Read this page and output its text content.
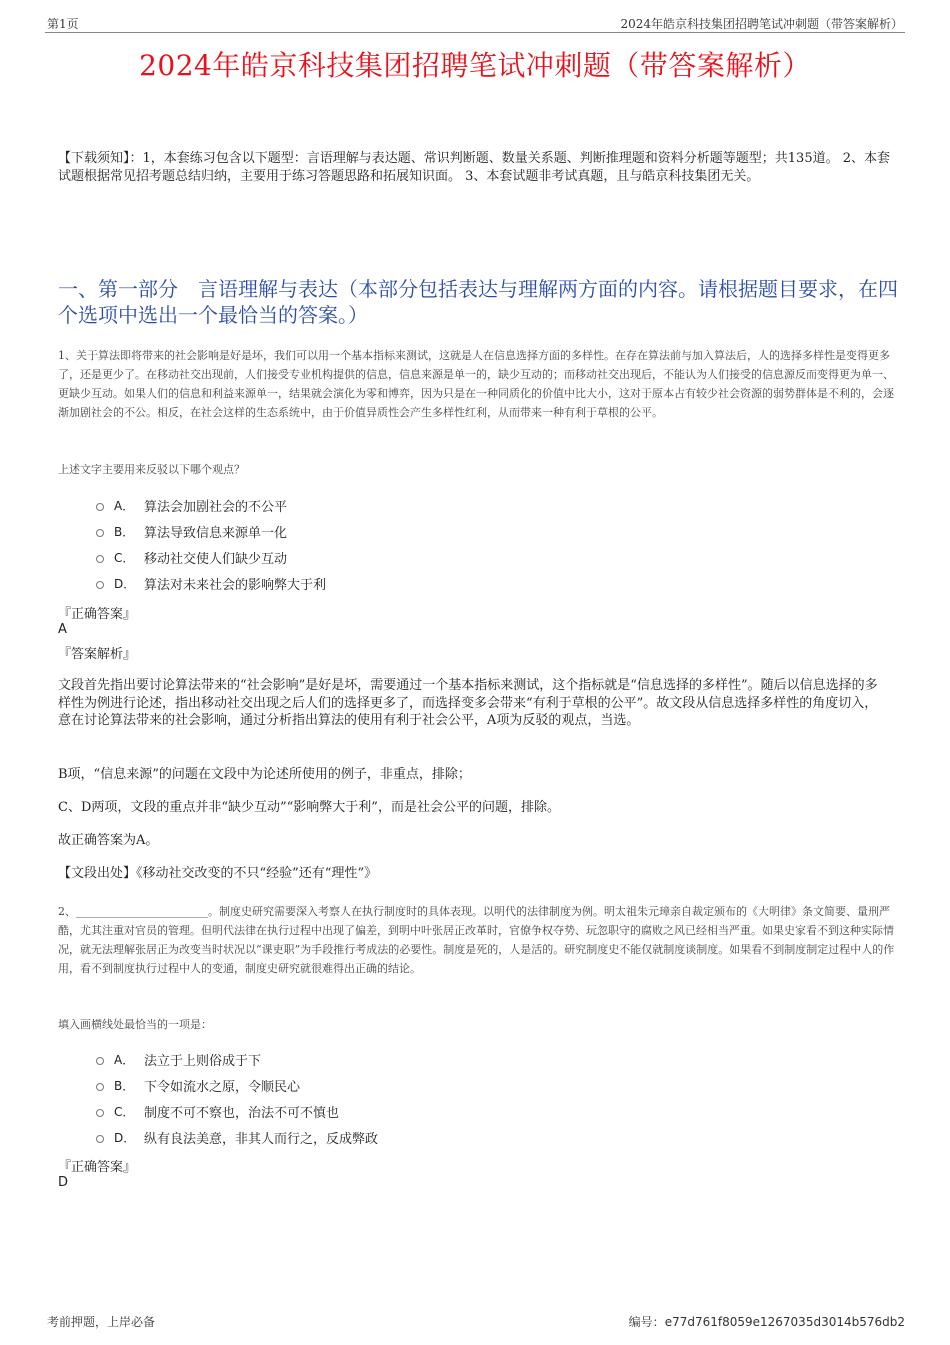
第1页	2024年皓京科技集团招聘笔试冲刺题（带答案解析）
2024年皓京科技集团招聘笔试冲刺题（带答案解析）
【下载须知】：1，本套练习包含以下题型：言语理解与表达题、常识判断题、数量关系题、判断推理题和资料分析题等题型；共135道。 2、本套试题根据常见招考题总结归纳，主要用于练习答题思路和拓展知识面。 3、本套试题非考试真题，且与皓京科技集团无关。
一、第一部分　言语理解与表达（本部分包括表达与理解两方面的内容。请根据题目要求，在四个选项中选出一个最恰当的答案。）
1、关于算法即将带来的社会影响是好是坏，我们可以用一个基本指标来测试，这就是人在信息选择方面的多样性。在存在算法前与加入算法后，人的选择多样性是变得更多了，还是更少了。在移动社交出现前，人们接受专业机构提供的信息，信息来源是单一的，缺少互动的；而移动社交出现后，不能认为人们接受的信息源反而变得更为单一、更缺少互动。如果人们的信息和利益来源单一，结果就会演化为零和博弈，因为只是在一种同质化的价值中比大小，这对于原本占有较少社会资源的弱势群体是不利的，会逐渐加剧社会的不公。相反，在社会这样的生态系统中，由于价值异质性会产生多样性红利，从而带来一种有利于草根的公平。
上述文字主要用来反驳以下哪个观点？
A． 算法会加剧社会的不公平
B． 算法导致信息来源单一化
C． 移动社交使人们缺少互动
D． 算法对未来社会的影响弊大于利
『正确答案』
A
『答案解析』
文段首先指出要讨论算法带来的“社会影响”是好是坏，需要通过一个基本指标来测试，这个指标就是“信息选择的多样性”。随后以信息选择的多样性为例进行论述，指出移动社交出现之后人们的选择更多了，而选择变多会带来“有利于草根的公平”。故文段从信息选择多样性的角度切入，意在讨论算法带来的社会影响，通过分析指出算法的使用有利于社会公平，A项为反驳的观点，当选。
B项，“信息来源”的问题在文段中为论述所使用的例子，非重点，排除；
C、D两项，文段的重点并非“缺少互动”“影响弊大于利”，而是社会公平的问题，排除。
故正确答案为A。
【文段出处】《移动社交改变的不只“经验”还有“理性”》
2、________________________。制度史研究需要深入考察人在执行制度时的具体表现。以明代的法律制度为例。明太祖朱元璋亲自裁定颁布的《大明律》条文简要、量刑严酷，尤其注重对官员的管理。但明代法律在执行过程中出现了偏差，到明中叶张居正改革时，官僚争权夺势、玩忽职守的腐败之风已经相当严重。如果史家看不到这种实际情况，就无法理解张居正为改变当时状况以“课吏职”为手段推行考成法的必要性。制度是死的，人是活的。研究制度史不能仅就制度谈制度。如果看不到制度制定过程中人的作用，看不到制度执行过程中人的变通，制度史研究就很难得出正确的结论。
填入画横线处最恰当的一项是：
A． 法立于上则俗成于下
B． 下令如流水之原，令顺民心
C． 制度不可不察也，治法不可不慎也
D． 纵有良法美意，非其人而行之，反成弊政
『正确答案』
D
考前押题，上岸必备	编号：e77d761f8059e1267035d3014b576db2
